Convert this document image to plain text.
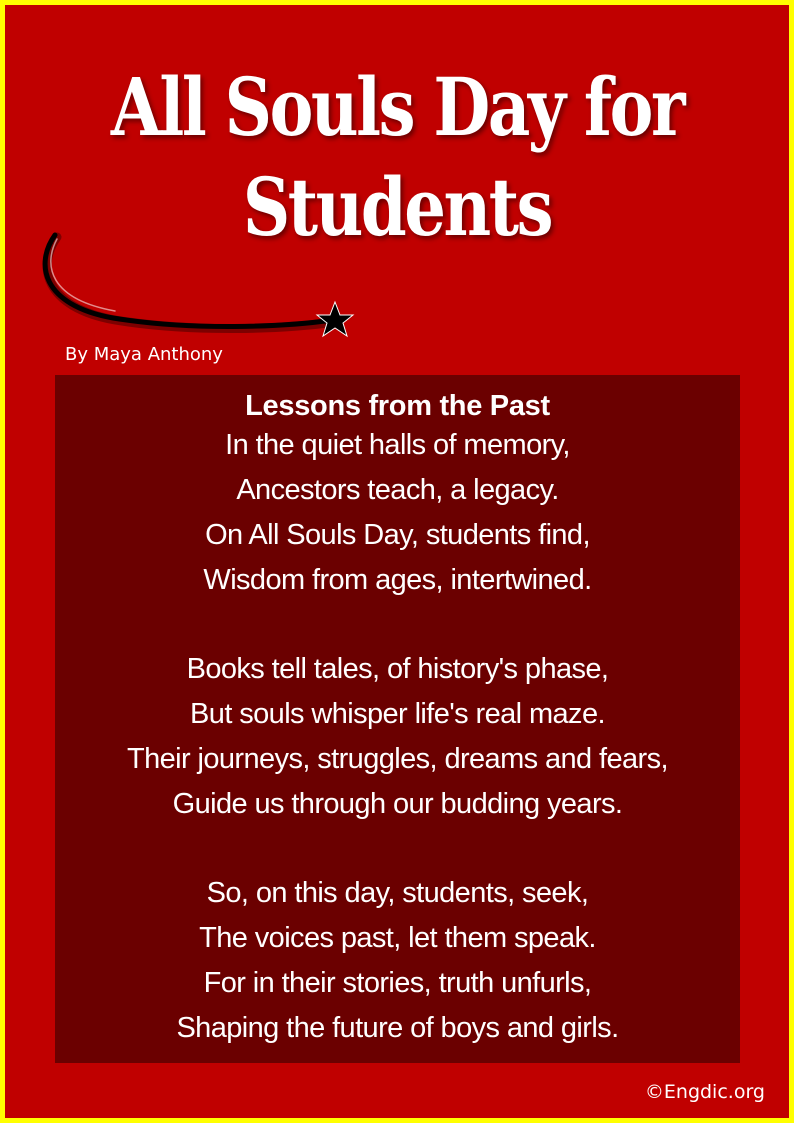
All Souls Day for
Students
By Maya Anthony
Lessons from the Past
In the quiet halls of memory,
Ancestors teach, a legacy.
On All Souls Day, students find,
Wisdom from ages, intertwined.
Books tell tales, of history's phase,
But souls whisper life's real maze.
Their journeys, struggles, dreams and fears,
Guide us through our budding years.
So, on this day, students, seek,
The voices past, let them speak.
For in their stories, truth unfurls,
Shaping the future of boys and girls.
©Engdic.org
